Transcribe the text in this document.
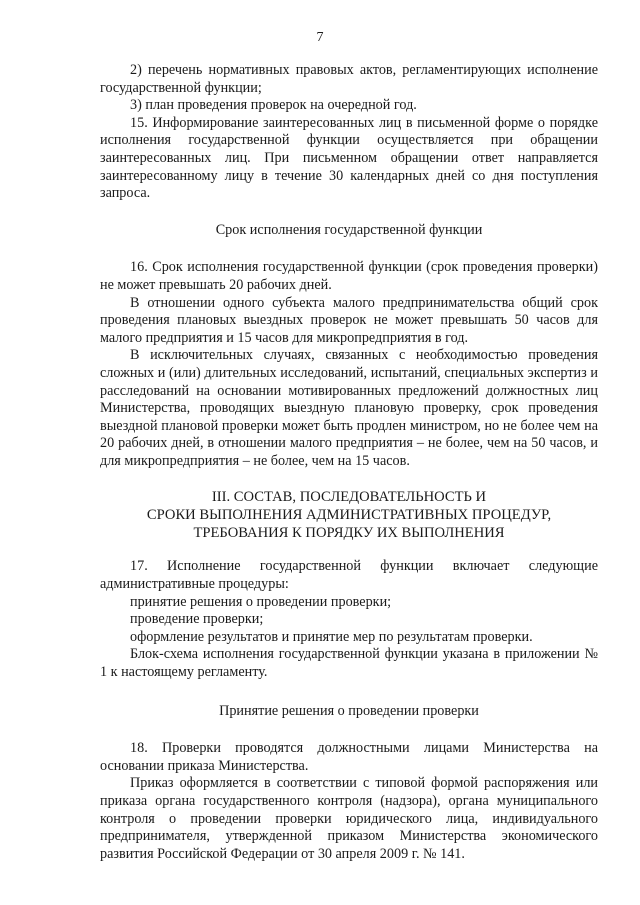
7

2) перечень нормативных правовых актов, регламентирующих исполнение государственной функции;

3) план проведения проверок на очередной год.

15. Информирование заинтересованных лиц в письменной форме о порядке исполнения государственной функции осуществляется при обращении заинтересованных лиц. При письменном обращении ответ направляется заинтересованному лицу в течение 30 календарных дней со дня поступления запроса.

Срок исполнения государственной функции

16. Срок исполнения государственной функции (срок проведения проверки) не может превышать 20 рабочих дней.

В отношении одного субъекта малого предпринимательства общий срок проведения плановых выездных проверок не может превышать 50 часов для малого предприятия и 15 часов для микропредприятия в год.

В исключительных случаях, связанных с необходимостью проведения сложных и (или) длительных исследований, испытаний, специальных экспертиз и расследований на основании мотивированных предложений должностных лиц Министерства, проводящих выездную плановую проверку, срок проведения выездной плановой проверки может быть продлен министром, но не более чем на 20 рабочих дней, в отношении малого предприятия – не более, чем на 50 часов, и для микропредприятия – не более, чем на 15 часов.

III. СОСТАВ, ПОСЛЕДОВАТЕЛЬНОСТЬ И
СРОКИ ВЫПОЛНЕНИЯ АДМИНИСТРАТИВНЫХ ПРОЦЕДУР,
ТРЕБОВАНИЯ К ПОРЯДКУ ИХ ВЫПОЛНЕНИЯ

17. Исполнение государственной функции включает следующие административные процедуры:

принятие решения о проведении проверки;

проведение проверки;

оформление результатов и принятие мер по результатам проверки.

Блок-схема исполнения государственной функции указана в приложении № 1 к настоящему регламенту.

Принятие решения о проведении проверки

18. Проверки проводятся должностными лицами Министерства на основании приказа Министерства.

Приказ оформляется в соответствии с типовой формой распоряжения или приказа органа государственного контроля (надзора), органа муниципального контроля о проведении проверки юридического лица, индивидуального предпринимателя, утвержденной приказом Министерства экономического развития Российской Федерации от 30 апреля 2009 г. № 141.
